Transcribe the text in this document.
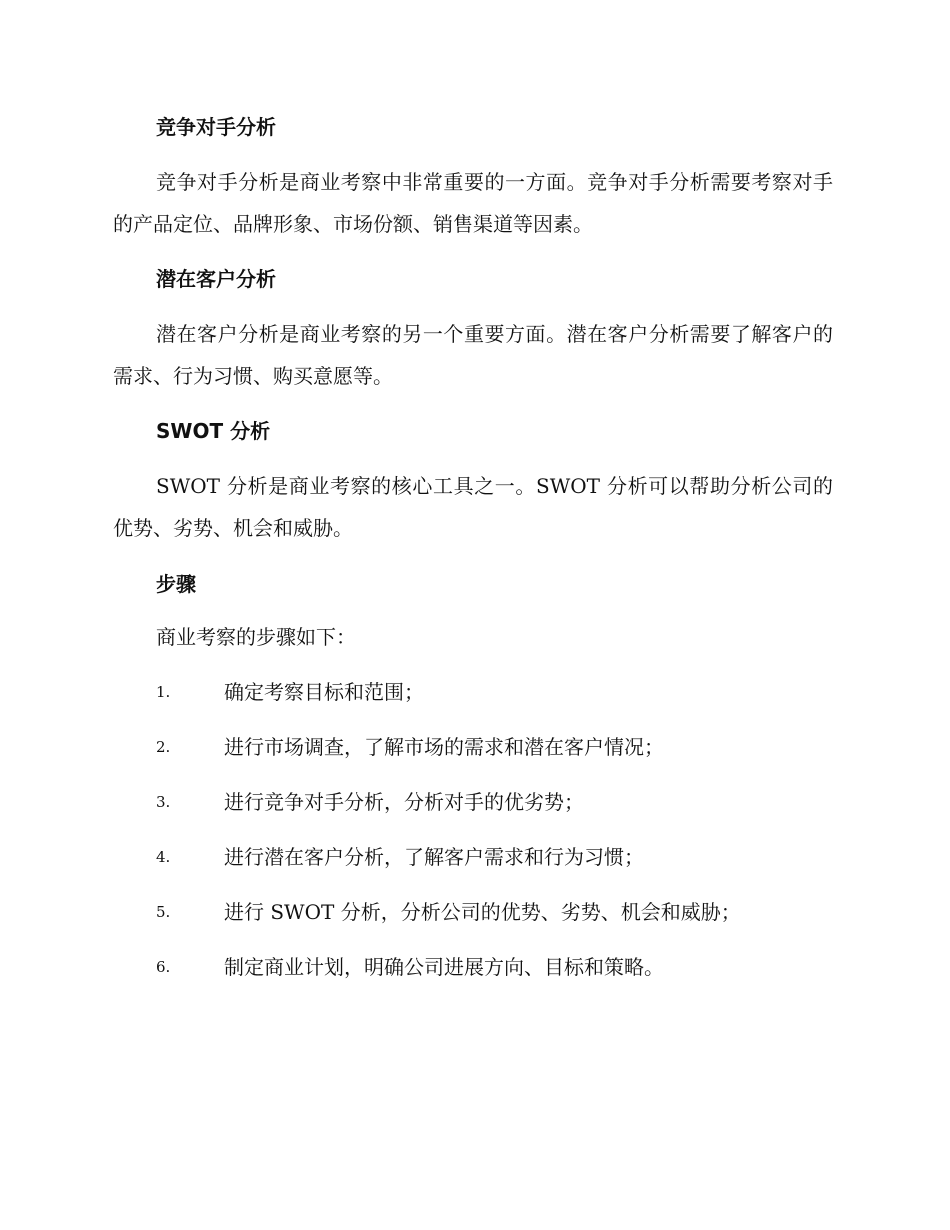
竞争对手分析

竞争对手分析是商业考察中非常重要的一方面。竞争对手分析需要考察对手的产品定位、品牌形象、市场份额、销售渠道等因素。

潜在客户分析

潜在客户分析是商业考察的另一个重要方面。潜在客户分析需要了解客户的需求、行为习惯、购买意愿等。

SWOT 分析

SWOT 分析是商业考察的核心工具之一。SWOT 分析可以帮助分析公司的优势、劣势、机会和威胁。

步骤
商业考察的步骤如下：
1.	确定考察目标和范围；
2.	进行市场调查，了解市场的需求和潜在客户情况；
3.	进行竞争对手分析，分析对手的优劣势；
4.	进行潜在客户分析，了解客户需求和行为习惯；
5.	进行 SWOT 分析，分析公司的优势、劣势、机会和威胁；
6.	制定商业计划，明确公司进展方向、目标和策略。
